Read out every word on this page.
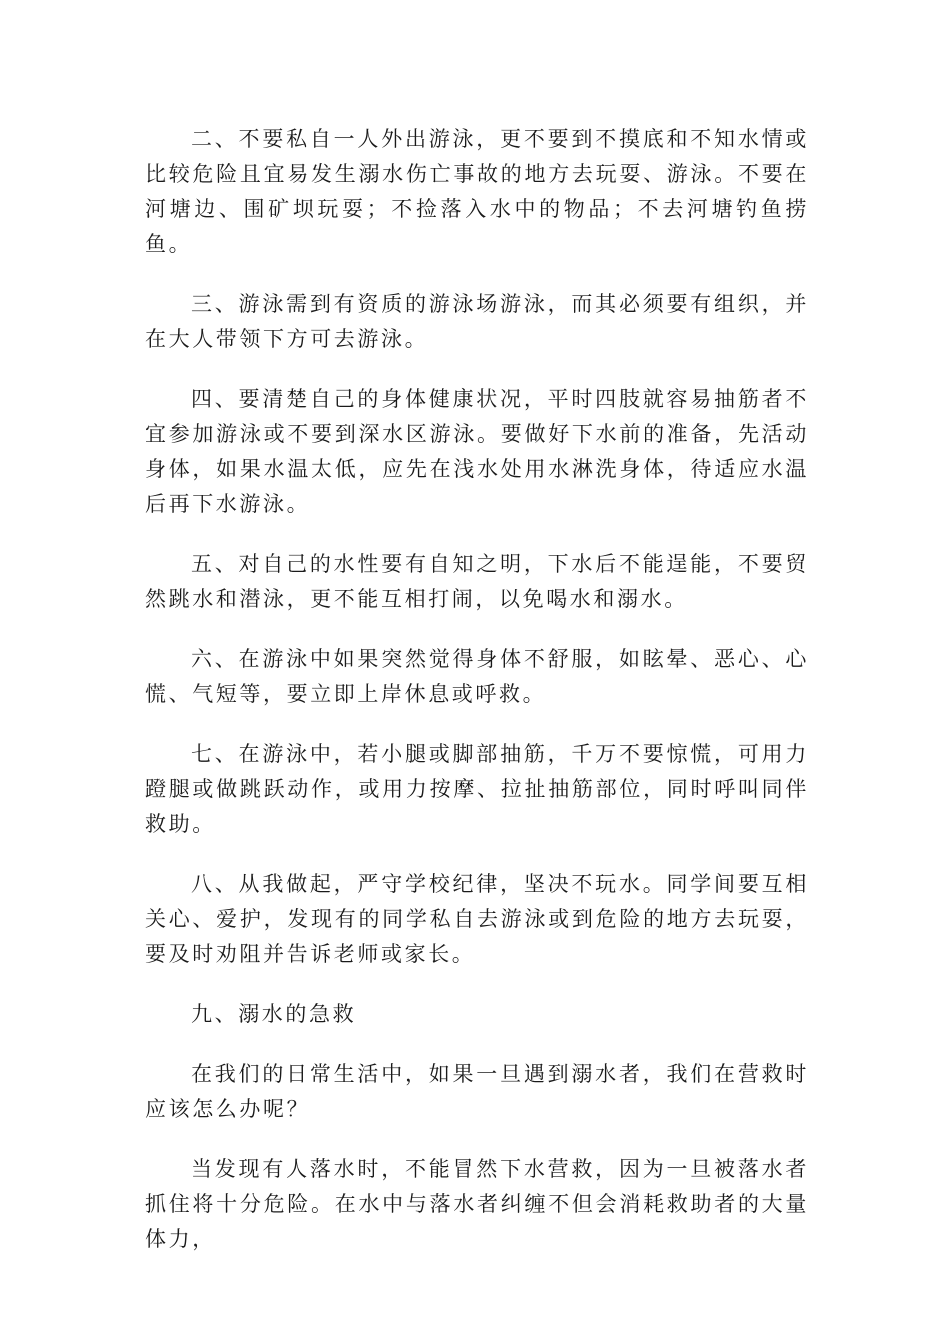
二、不要私自一人外出游泳，更不要到不摸底和不知水情或比较危险且宜易发生溺水伤亡事故的地方去玩耍、游泳。不要在河塘边、围矿坝玩耍；不捡落入水中的物品；不去河塘钓鱼捞鱼。

三、游泳需到有资质的游泳场游泳，而其必须要有组织，并在大人带领下方可去游泳。

四、要清楚自己的身体健康状况，平时四肢就容易抽筋者不宜参加游泳或不要到深水区游泳。要做好下水前的准备，先活动身体，如果水温太低，应先在浅水处用水淋洗身体，待适应水温后再下水游泳。

五、对自己的水性要有自知之明，下水后不能逞能，不要贸然跳水和潜泳，更不能互相打闹，以免喝水和溺水。

六、在游泳中如果突然觉得身体不舒服，如眩晕、恶心、心慌、气短等，要立即上岸休息或呼救。

七、在游泳中，若小腿或脚部抽筋，千万不要惊慌，可用力蹬腿或做跳跃动作，或用力按摩、拉扯抽筋部位，同时呼叫同伴救助。

八、从我做起，严守学校纪律，坚决不玩水。同学间要互相关心、爱护，发现有的同学私自去游泳或到危险的地方去玩耍，要及时劝阻并告诉老师或家长。

九、溺水的急救

在我们的日常生活中，如果一旦遇到溺水者，我们在营救时应该怎么办呢？

当发现有人落水时，不能冒然下水营救，因为一旦被落水者抓住将十分危险。在水中与落水者纠缠不但会消耗救助者的大量体力，
